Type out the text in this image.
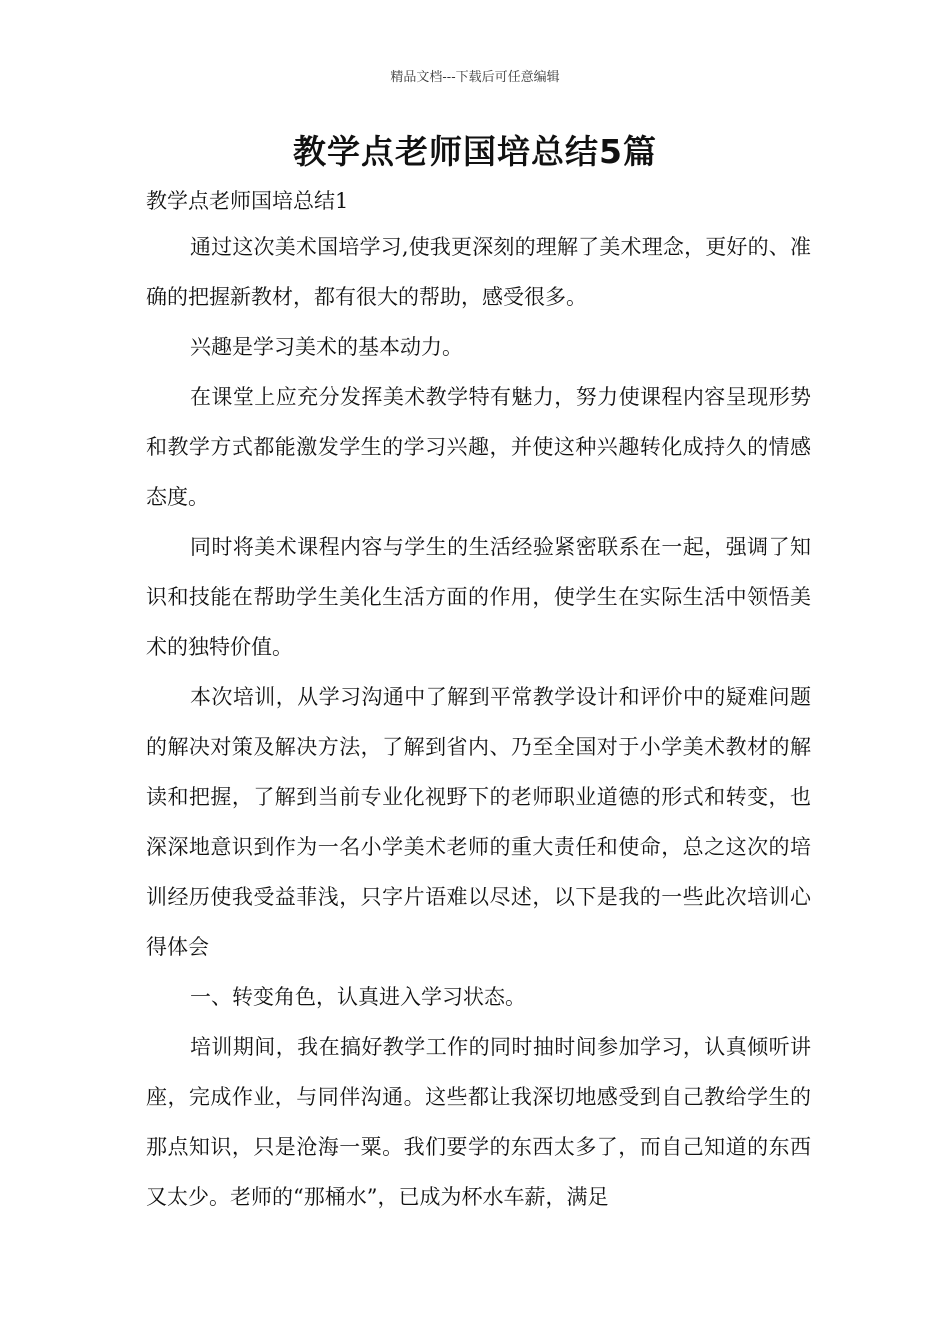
精品文档---下载后可任意编辑
教学点老师国培总结5篇

教学点老师国培总结1

通过这次美术国培学习,使我更深刻的理解了美术理念，更好的、准确的把握新教材，都有很大的帮助，感受很多。

兴趣是学习美术的基本动力。

在课堂上应充分发挥美术教学特有魅力，努力使课程内容呈现形势和教学方式都能激发学生的学习兴趣，并使这种兴趣转化成持久的情感态度。

同时将美术课程内容与学生的生活经验紧密联系在一起，强调了知识和技能在帮助学生美化生活方面的作用，使学生在实际生活中领悟美术的独特价值。

本次培训，从学习沟通中了解到平常教学设计和评价中的疑难问题的解决对策及解决方法，了解到省内、乃至全国对于小学美术教材的解读和把握，了解到当前专业化视野下的老师职业道德的形式和转变，也深深地意识到作为一名小学美术老师的重大责任和使命，总之这次的培训经历使我受益菲浅，只字片语难以尽述，以下是我的一些此次培训心得体会

一、转变角色，认真进入学习状态。

培训期间，我在搞好教学工作的同时抽时间参加学习，认真倾听讲座，完成作业，与同伴沟通。这些都让我深切地感受到自己教给学生的那点知识，只是沧海一粟。我们要学的东西太多了，而自己知道的东西又太少。老师的“那桶水”，已成为杯水车薪，满足
